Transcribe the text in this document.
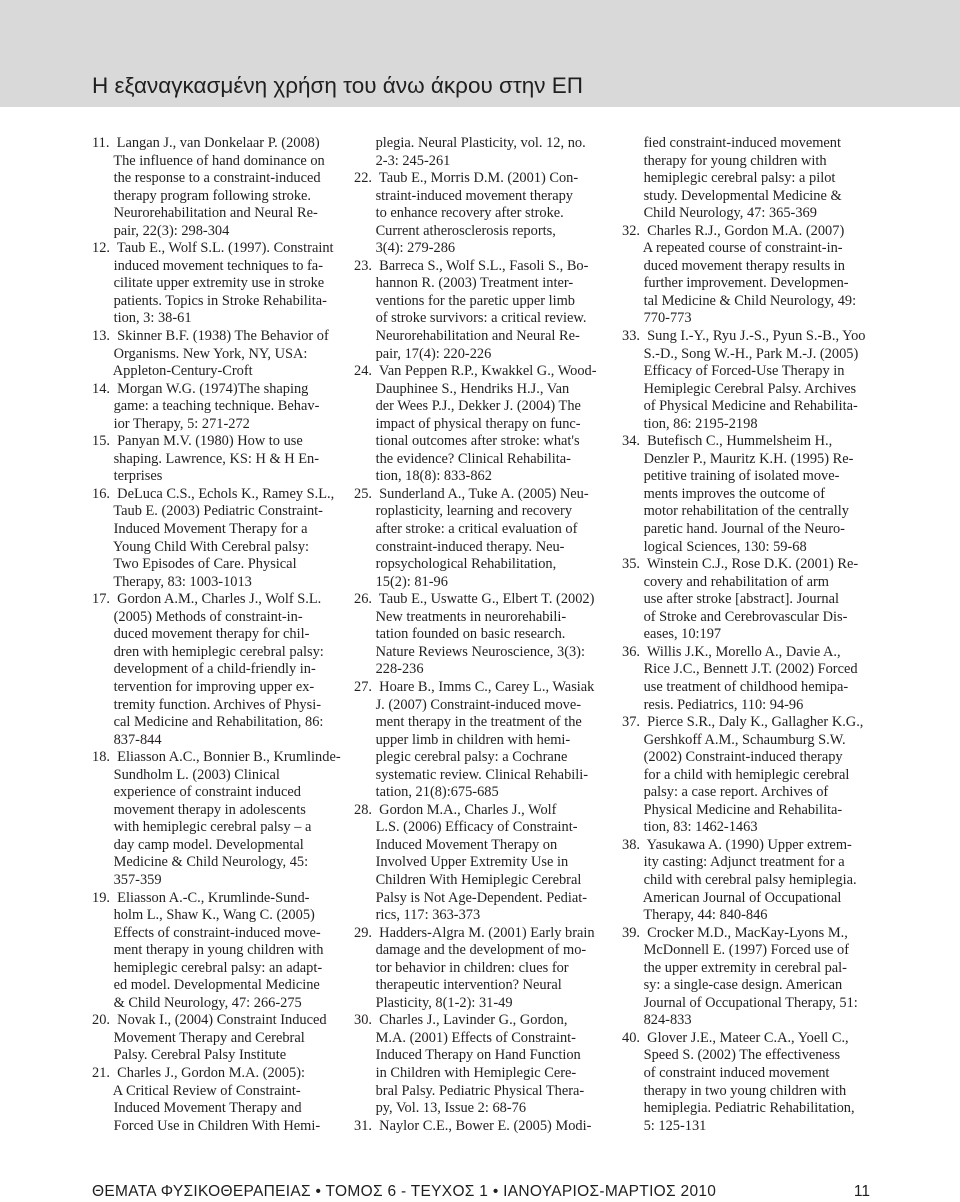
Η εξαναγκασμένη χρήση του άνω άκρου στην ΕΠ
11.  Langan J., van Donkelaar P. (2008)
The influence of hand dominance on
the response to a constraint-induced
therapy program following stroke.
Neurorehabilitation and Neural Re-
pair, 22(3): 298-304
12.  Taub E., Wolf S.L. (1997). Constraint
induced movement techniques to fa-
cilitate upper extremity use in stroke
patients. Topics in Stroke Rehabilita-
tion, 3: 38-61
13.  Skinner B.F. (1938) The Behavior of
Organisms. New York, NY, USA:
Appleton-Century-Croft
14.  Morgan W.G. (1974)The shaping
game: a teaching technique. Behav-
ior Therapy, 5: 271-272
15.  Panyan M.V. (1980) How to use
shaping. Lawrence, KS: H & H En-
terprises
16.  DeLuca C.S., Echols K., Ramey S.L.,
Taub E. (2003) Pediatric Constraint-
Induced Movement Therapy for a
Young Child With Cerebral palsy:
Two Episodes of Care. Physical
Therapy, 83: 1003-1013
17.  Gordon A.M., Charles J., Wolf S.L.
(2005) Methods of constraint-in-
duced movement therapy for chil-
dren with hemiplegic cerebral palsy:
development of a child-friendly in-
tervention for improving upper ex-
tremity function. Archives of Physi-
cal Medicine and Rehabilitation, 86:
837-844
18.  Eliasson A.C., Bonnier B., Krumlinde-
Sundholm L. (2003) Clinical
experience of constraint induced
movement therapy in adolescents
with hemiplegic cerebral palsy – a
day camp model. Developmental
Medicine & Child Neurology, 45:
357-359
19.  Eliasson A.-C., Krumlinde-Sund-
holm L., Shaw K., Wang C. (2005)
Effects of constraint-induced move-
ment therapy in young children with
hemiplegic cerebral palsy: an adapt-
ed model. Developmental Medicine
& Child Neurology, 47: 266-275
20.  Novak I., (2004) Constraint Induced
Movement Therapy and Cerebral
Palsy. Cerebral Palsy Institute
21.  Charles J., Gordon M.A. (2005):
A Critical Review of Constraint-
Induced Movement Therapy and
Forced Use in Children With Hemi-
plegia. Neural Plasticity, vol. 12, no.
2-3: 245-261
22.  Taub E., Morris D.M. (2001) Con-
straint-induced movement therapy
to enhance recovery after stroke.
Current atherosclerosis reports,
3(4): 279-286
23.  Barreca S., Wolf S.L., Fasoli S., Bo-
hannon R. (2003) Treatment inter-
ventions for the paretic upper limb
of stroke survivors: a critical review.
Neurorehabilitation and Neural Re-
pair, 17(4): 220-226
24.  Van Peppen R.P., Kwakkel G., Wood-
Dauphinee S., Hendriks H.J., Van
der Wees P.J., Dekker J. (2004) The
impact of physical therapy on func-
tional outcomes after stroke: what's
the evidence? Clinical Rehabilita-
tion, 18(8): 833-862
25.  Sunderland A., Tuke A. (2005) Neu-
roplasticity, learning and recovery
after stroke: a critical evaluation of
constraint-induced therapy. Neu-
ropsychological Rehabilitation,
15(2): 81-96
26.  Taub E., Uswatte G., Elbert T. (2002)
New treatments in neurorehabili-
tation founded on basic research.
Nature Reviews Neuroscience, 3(3):
228-236
27.  Hoare B., Imms C., Carey L., Wasiak
J. (2007) Constraint-induced move-
ment therapy in the treatment of the
upper limb in children with hemi-
plegic cerebral palsy: a Cochrane
systematic review. Clinical Rehabili-
tation, 21(8):675-685
28.  Gordon M.A., Charles J., Wolf
L.S. (2006) Efficacy of Constraint-
Induced Movement Therapy on
Involved Upper Extremity Use in
Children With Hemiplegic Cerebral
Palsy is Not Age-Dependent. Pediat-
rics, 117: 363-373
29.  Hadders-Algra M. (2001) Early brain
damage and the development of mo-
tor behavior in children: clues for
therapeutic intervention? Neural
Plasticity, 8(1-2): 31-49
30.  Charles J., Lavinder G., Gordon,
M.A. (2001) Effects of Constraint-
Induced Therapy on Hand Function
in Children with Hemiplegic Cere-
bral Palsy. Pediatric Physical Thera-
py, Vol. 13, Issue 2: 68-76
31.  Naylor C.E., Bower E. (2005) Modi-
fied constraint-induced movement
therapy for young children with
hemiplegic cerebral palsy: a pilot
study. Developmental Medicine &
Child Neurology, 47: 365-369
32.  Charles R.J., Gordon M.A. (2007)
A repeated course of constraint-in-
duced movement therapy results in
further improvement. Developmen-
tal Medicine & Child Neurology, 49:
770-773
33.  Sung I.-Y., Ryu J.-S., Pyun S.-B., Yoo
S.-D., Song W.-H., Park M.-J. (2005)
Efficacy of Forced-Use Therapy in
Hemiplegic Cerebral Palsy. Archives
of Physical Medicine and Rehabilita-
tion, 86: 2195-2198
34.  Butefisch C., Hummelsheim H.,
Denzler P., Mauritz K.H. (1995) Re-
petitive training of isolated move-
ments improves the outcome of
motor rehabilitation of the centrally
paretic hand. Journal of the Neuro-
logical Sciences, 130: 59-68
35.  Winstein C.J., Rose D.K. (2001) Re-
covery and rehabilitation of arm
use after stroke [abstract]. Journal
of Stroke and Cerebrovascular Dis-
eases, 10:197
36.  Willis J.K., Morello A., Davie A.,
Rice J.C., Bennett J.T. (2002) Forced
use treatment of childhood hemipa-
resis. Pediatrics, 110: 94-96
37.  Pierce S.R., Daly K., Gallagher K.G.,
Gershkoff A.M., Schaumburg S.W.
(2002) Constraint-induced therapy
for a child with hemiplegic cerebral
palsy: a case report. Archives of
Physical Medicine and Rehabilita-
tion, 83: 1462-1463
38.  Yasukawa A. (1990) Upper extrem-
ity casting: Adjunct treatment for a
child with cerebral palsy hemiplegia.
American Journal of Occupational
Therapy, 44: 840-846
39.  Crocker M.D., MacKay-Lyons M.,
McDonnell E. (1997) Forced use of
the upper extremity in cerebral pal-
sy: a single-case design. American
Journal of Occupational Therapy, 51:
824-833
40.  Glover J.E., Mateer C.A., Yoell C.,
Speed S. (2002) The effectiveness
of constraint induced movement
therapy in two young children with
hemiplegia. Pediatric Rehabilitation,
5: 125-131
ΘΕΜΑΤΑ ΦΥΣΙΚΟΘΕΡΑΠΕΙΑΣ • ΤΟΜΟΣ 6 - ΤΕΥΧΟΣ 1 • ΙΑΝΟΥΑΡΙΟΣ-ΜΑΡΤΙΟΣ 2010	11
